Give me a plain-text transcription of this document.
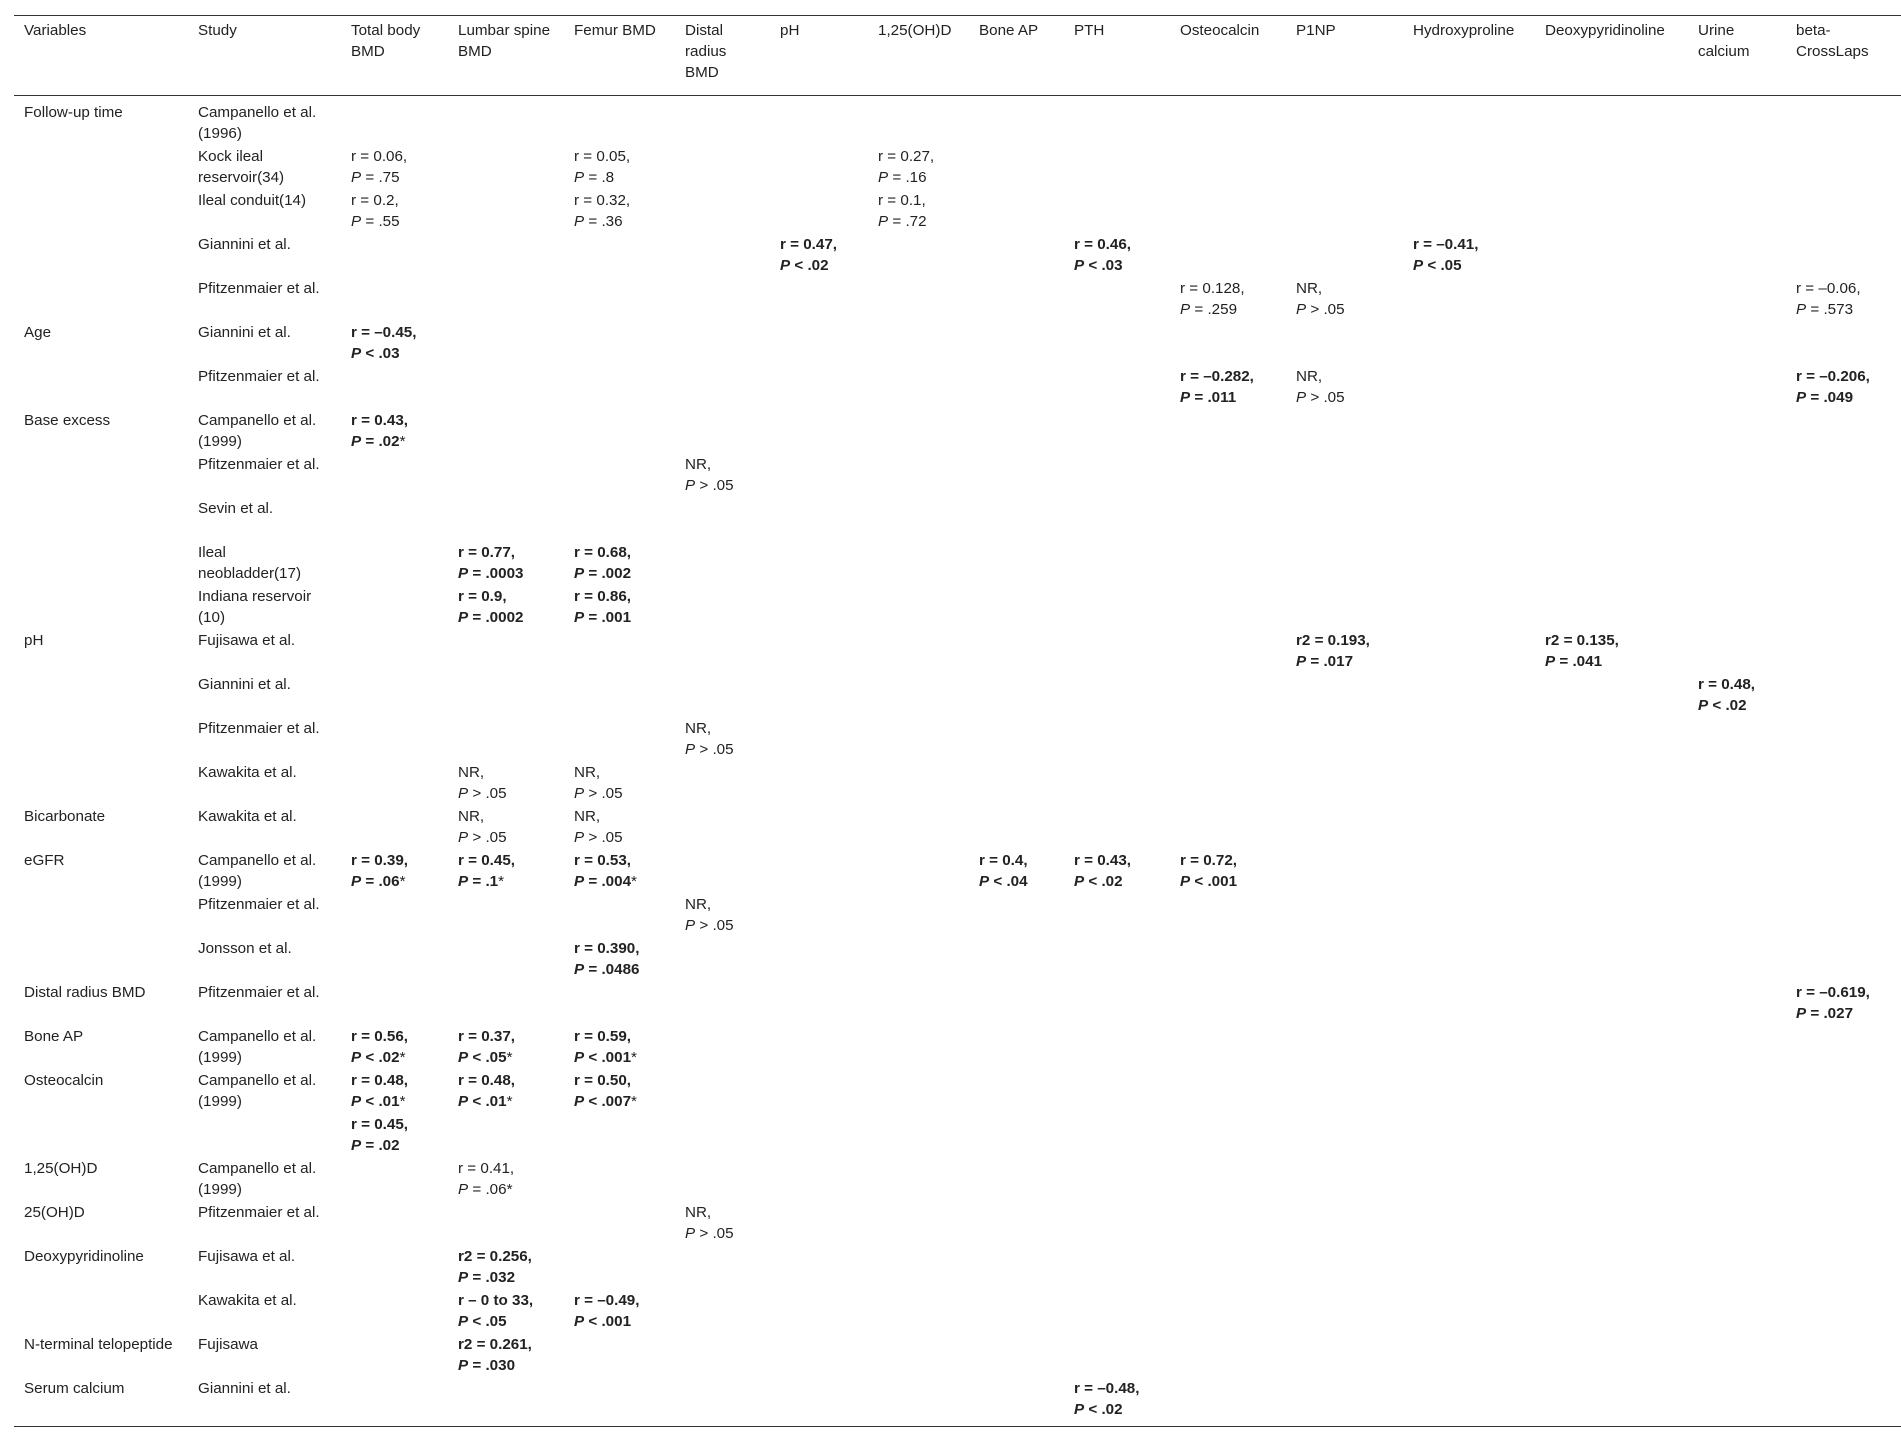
Variables	Study	Total body BMD	Lumbar spine BMD	Femur BMD	Distal radius BMD	pH	1,25(OH)D	Bone AP	PTH	Osteocalcin	P1NP	Hydroxyproline	Deoxypyridinoline	Urine calcium	beta-CrossLaps
Follow-up time	Campanello et al. (1996)														
	Kock ileal reservoir(34)	r = 0.06,
P = .75		r = 0.05,
P = .8			r = 0.27,
P = .16								

	Ileal conduit(14)	r = 0.2,
P = .55		r = 0.32,
P = .36			r = 0.1,
P = .72								

	Giannini et al.					r = 0.47,
P < .02			r = 0.46,
P < .03			r = –0.41,
P < .05			

	Pfitzenmaier et al.									r = 0.128,
P = .259	NR,
P > .05				r = –0.06,
P = .573

Age	Giannini et al.	r = –0.45,
P < .03													

	Pfitzenmaier et al.									r = –0.282,
P = .011	NR,
P > .05				r = –0.206,
P = .049

Base excess	Campanello et al. (1999)	r = 0.43,
P = .02*													

	Pfitzenmaier et al.				NR,
P > .05										

	Sevin et al.														
	Ileal neobladder(17)		r = 0.77,
P = .0003	r = 0.68,
P = .002											

	Indiana reservoir (10)		r = 0.9,
P = .0002	r = 0.86,
P = .001											

pH	Fujisawa et al.										r2 = 0.193,
P = .017		r2 = 0.135,
P = .041		

	Giannini et al.													r = 0.48,
P < .02	

	Pfitzenmaier et al.				NR,
P > .05										

	Kawakita et al.		NR,
P > .05	NR,
P > .05											

Bicarbonate	Kawakita et al.		NR,
P > .05	NR,
P > .05											

eGFR	Campanello et al. (1999)	r = 0.39,
P = .06*	r = 0.45,
P = .1*	r = 0.53,
P = .004*				r = 0.4,
P < .04	r = 0.43,
P < .02	r = 0.72,
P < .001					

	Pfitzenmaier et al.				NR,
P > .05										

	Jonsson et al.			r = 0.390,
P = .0486											

Distal radius BMD	Pfitzenmaier et al.														r = –0.619,
P = .027

Bone AP	Campanello et al. (1999)	r = 0.56,
P < .02*	r = 0.37,
P < .05*	r = 0.59,
P < .001*											

Osteocalcin	Campanello et al. (1999)	r = 0.48,
P < .01*	r = 0.48,
P < .01*	r = 0.50,
P < .007*											

		r = 0.45,
P = .02													

1,25(OH)D	Campanello et al. (1999)		r = 0.41,
P = .06*												

25(OH)D	Pfitzenmaier et al.				NR,
P > .05										

Deoxypyridinoline	Fujisawa et al.		r2 = 0.256,
P = .032												

	Kawakita et al.		r – 0 to 33,
P < .05	r = –0.49,
P < .001											

N-terminal telopeptide	Fujisawa		r2 = 0.261,
P = .030												

Serum calcium	Giannini et al.								r = –0.48,
P < .02						
